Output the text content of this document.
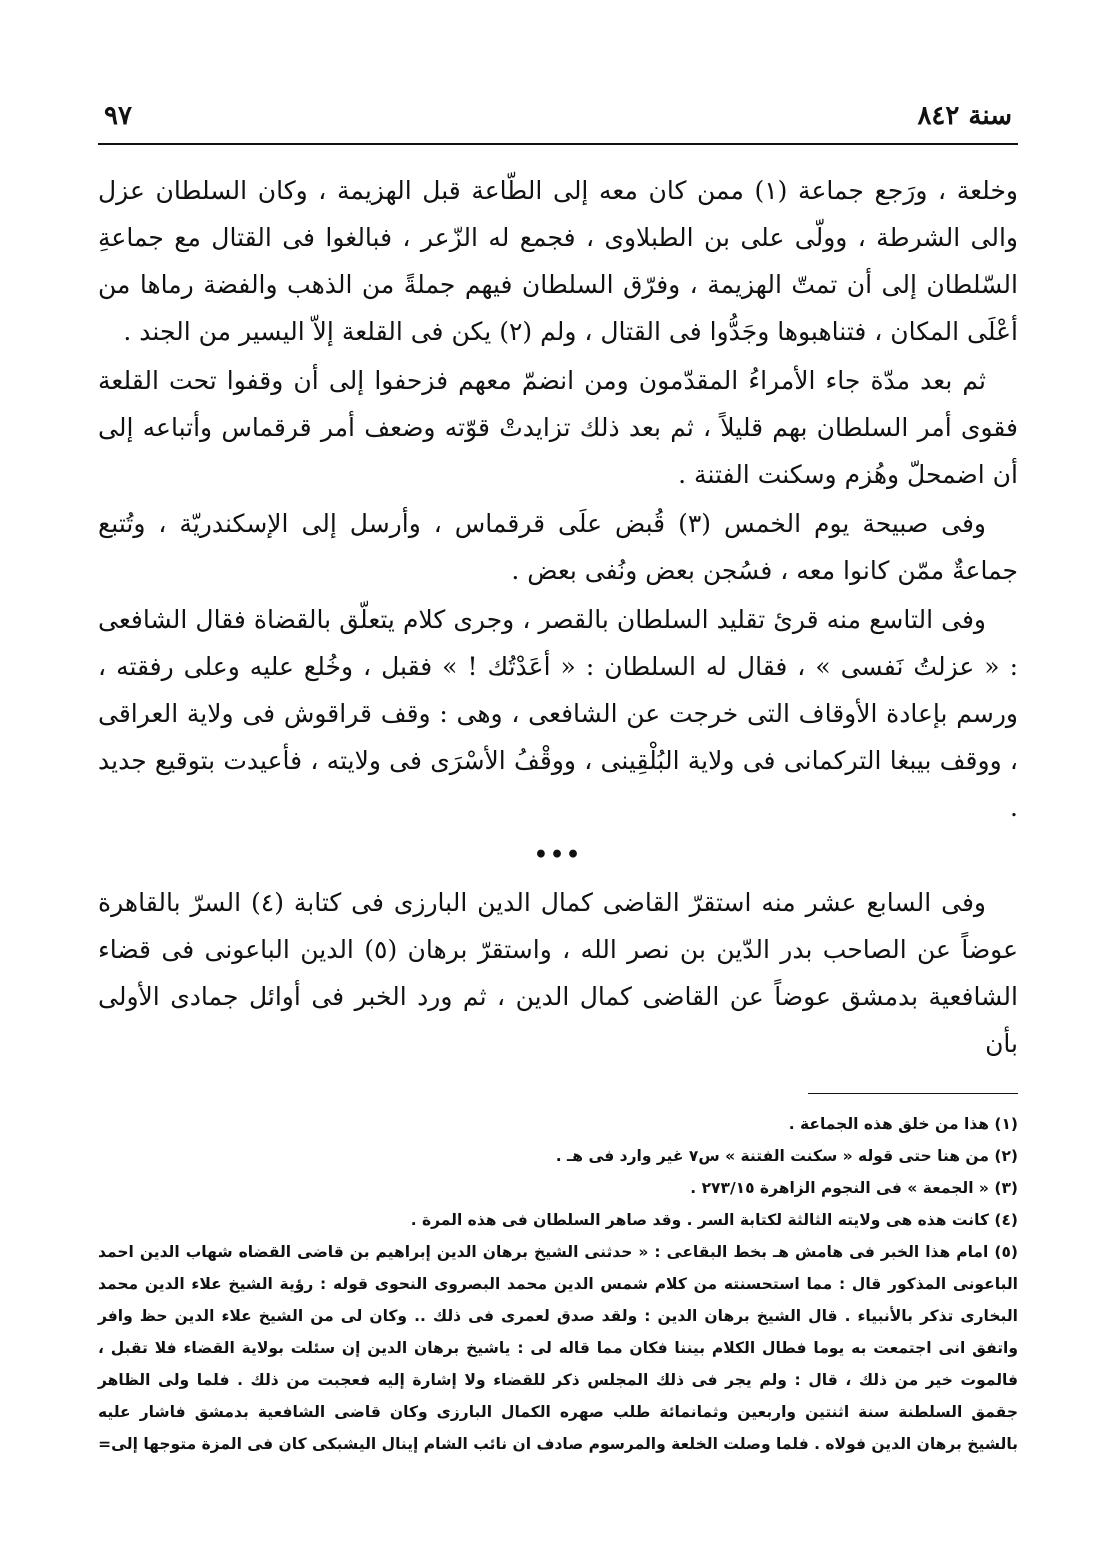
سنة ٨٤٢
٩٧

وخلعة ، ورَجع جماعة (١) ممن كان معه إلى الطّاعة قبل الهزيمة ، وكان السلطان عزل والى الشرطة ، وولّى على بن الطبلاوى ، فجمع له الزّعر ، فبالغوا فى القتال مع جماعةِ السّلطان إلى أن تمتّ الهزيمة ، وفرّق السلطان فيهم جملةً من الذهب والفضة رماها من أعْلَى المكان ، فتناهبوها وجَدُّوا فى القتال ، ولم (٢) يكن فى القلعة إلاّ اليسير من الجند .

ثم بعد مدّة جاء الأمراءُ المقدّمون ومن انضمّ معهم فزحفوا إلى أن وقفوا تحت القلعة فقوى أمر السلطان بهم قليلاً ، ثم بعد ذلك تزايدتْ قوّته وضعف أمر قرقماس وأتباعه إلى أن اضمحلّ وهُزم وسكنت الفتنة .

وفى صبيحة يوم الخمس (٣) قُبض علَى قرقماس ، وأرسل إلى الإسكندريّة ، وتُتبع جماعةٌ ممّن كانوا معه ، فسُجن بعض ونُفى بعض .

وفى التاسع منه قرئ تقليد السلطان بالقصر ، وجرى كلام يتعلّق بالقضاة فقال الشافعى : « عزلتُ نَفسى » ، فقال له السلطان : « أعَدْتُك ! » فقبل ، وخُلع عليه وعلى رفقته ، ورسم بإعادة الأوقاف التى خرجت عن الشافعى ، وهى : وقف قراقوش فى ولاية العراقى ، ووقف بيبغا التركمانى فى ولاية البُلْقِينى ، ووقْفُ الأسْرَى فى ولايته ، فأعيدت بتوقيع جديد .

•••

وفى السابع عشر منه استقرّ القاضى كمال الدين البارزى فى كتابة (٤) السرّ بالقاهرة عوضاً عن الصاحب بدر الدّين بن نصر الله ، واستقرّ برهان (٥) الدين الباعونى فى قضاء الشافعية بدمشق عوضاً عن القاضى كمال الدين ، ثم ورد الخبر فى أوائل جمادى الأولى بأن

(١) هذا من خلق هذه الجماعة .

(٢) من هنا حتى قوله « سكنت الفتنة » س٧ غير وارد فى هـ .

(٣) « الجمعة » فى النجوم الزاهرة ٢٧٣/١٥ .

(٤) كانت هذه هى ولايته الثالثة لكتابة السر . وقد صاهر السلطان فى هذه المرة .

(٥) امام هذا الخبر فى هامش هـ بخط البقاعى : « حدثنى الشيخ برهان الدين إبراهيم بن قاضى القضاه شهاب الدين احمد الباعونى المذكور قال : مما استحسنته من كلام شمس الدين محمد البصروى النحوى قوله : رؤية الشيخ علاء الدين محمد البخارى تذكر بالأنبياء . قال الشيخ برهان الدين : ولقد صدق لعمرى فى ذلك .. وكان لى من الشيخ علاء الدين حظ وافر واتفق انى اجتمعت به يوما فطال الكلام بيننا فكان مما قاله لى : ياشيخ برهان الدين إن سئلت بولاية القضاء فلا تقبل ، فالموت خير من ذلك ، قال : ولم يجر فى ذلك المجلس ذكر للقضاء ولا إشارة إليه فعجبت من ذلك . فلما ولى الظاهر جقمق السلطنة سنة اثنتين واربعين وثمانمائة طلب صهره الكمال البارزى وكان قاضى الشافعية بدمشق فاشار عليه بالشيخ برهان الدين فولاه . فلما وصلت الخلعة والمرسوم صادف ان نائب الشام إينال اليشبكى كان فى المزة متوجها إلى=
